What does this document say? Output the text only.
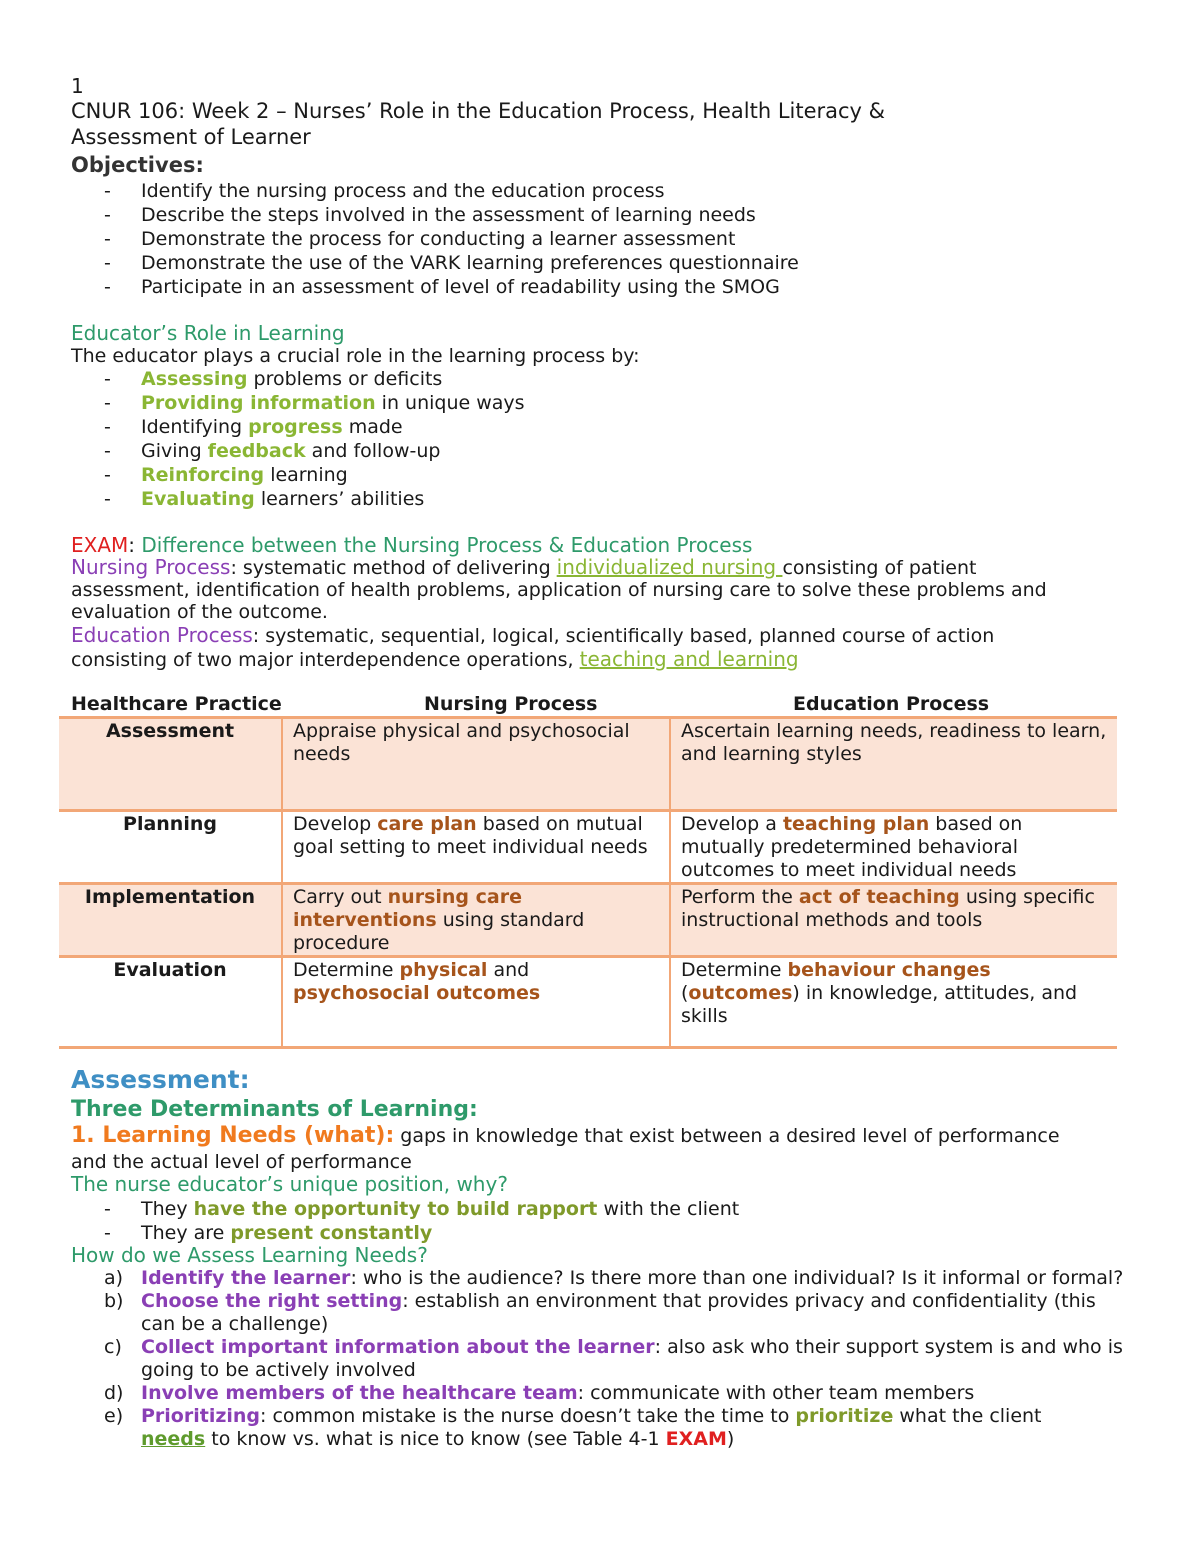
1
CNUR 106: Week 2 – Nurses’ Role in the Education Process, Health Literacy &
Assessment of Learner
Objectives:
- Identify the nursing process and the education process
- Describe the steps involved in the assessment of learning needs
- Demonstrate the process for conducting a learner assessment
- Demonstrate the use of the VARK learning preferences questionnaire
- Participate in an assessment of level of readability using the SMOG
Educator’s Role in Learning
The educator plays a crucial role in the learning process by:
- Assessing problems or deficits
- Providing information in unique ways
- Identifying progress made
- Giving feedback and follow-up
- Reinforcing learning
- Evaluating learners’ abilities
EXAM: Difference between the Nursing Process & Education Process
Nursing Process: systematic method of delivering individualized nursing consisting of patient
assessment, identification of health problems, application of nursing care to solve these problems and
evaluation of the outcome.
Education Process: systematic, sequential, logical, scientifically based, planned course of action
consisting of two major interdependence operations, teaching and learning
Healthcare Practice	Nursing Process	Education Process
Assessment	Appraise physical and psychosocial needs	Ascertain learning needs, readiness to learn, and learning styles
Planning	Develop care plan based on mutual goal setting to meet individual needs	Develop a teaching plan based on mutually predetermined behavioral outcomes to meet individual needs
Implementation	Carry out nursing care interventions using standard procedure	Perform the act of teaching using specific instructional methods and tools
Evaluation	Determine physical and psychosocial outcomes	Determine behaviour changes (outcomes) in knowledge, attitudes, and skills
Assessment:
Three Determinants of Learning:
1. Learning Needs (what): gaps in knowledge that exist between a desired level of performance
and the actual level of performance
The nurse educator’s unique position, why?
- They have the opportunity to build rapport with the client
- They are present constantly
How do we Assess Learning Needs?
a) Identify the learner: who is the audience? Is there more than one individual? Is it informal or formal?
b) Choose the right setting: establish an environment that provides privacy and confidentiality (this can be a challenge)
c) Collect important information about the learner: also ask who their support system is and who is going to be actively involved
d) Involve members of the healthcare team: communicate with other team members
e) Prioritizing: common mistake is the nurse doesn’t take the time to prioritize what the client
needs to know vs. what is nice to know (see Table 4-1 EXAM)
